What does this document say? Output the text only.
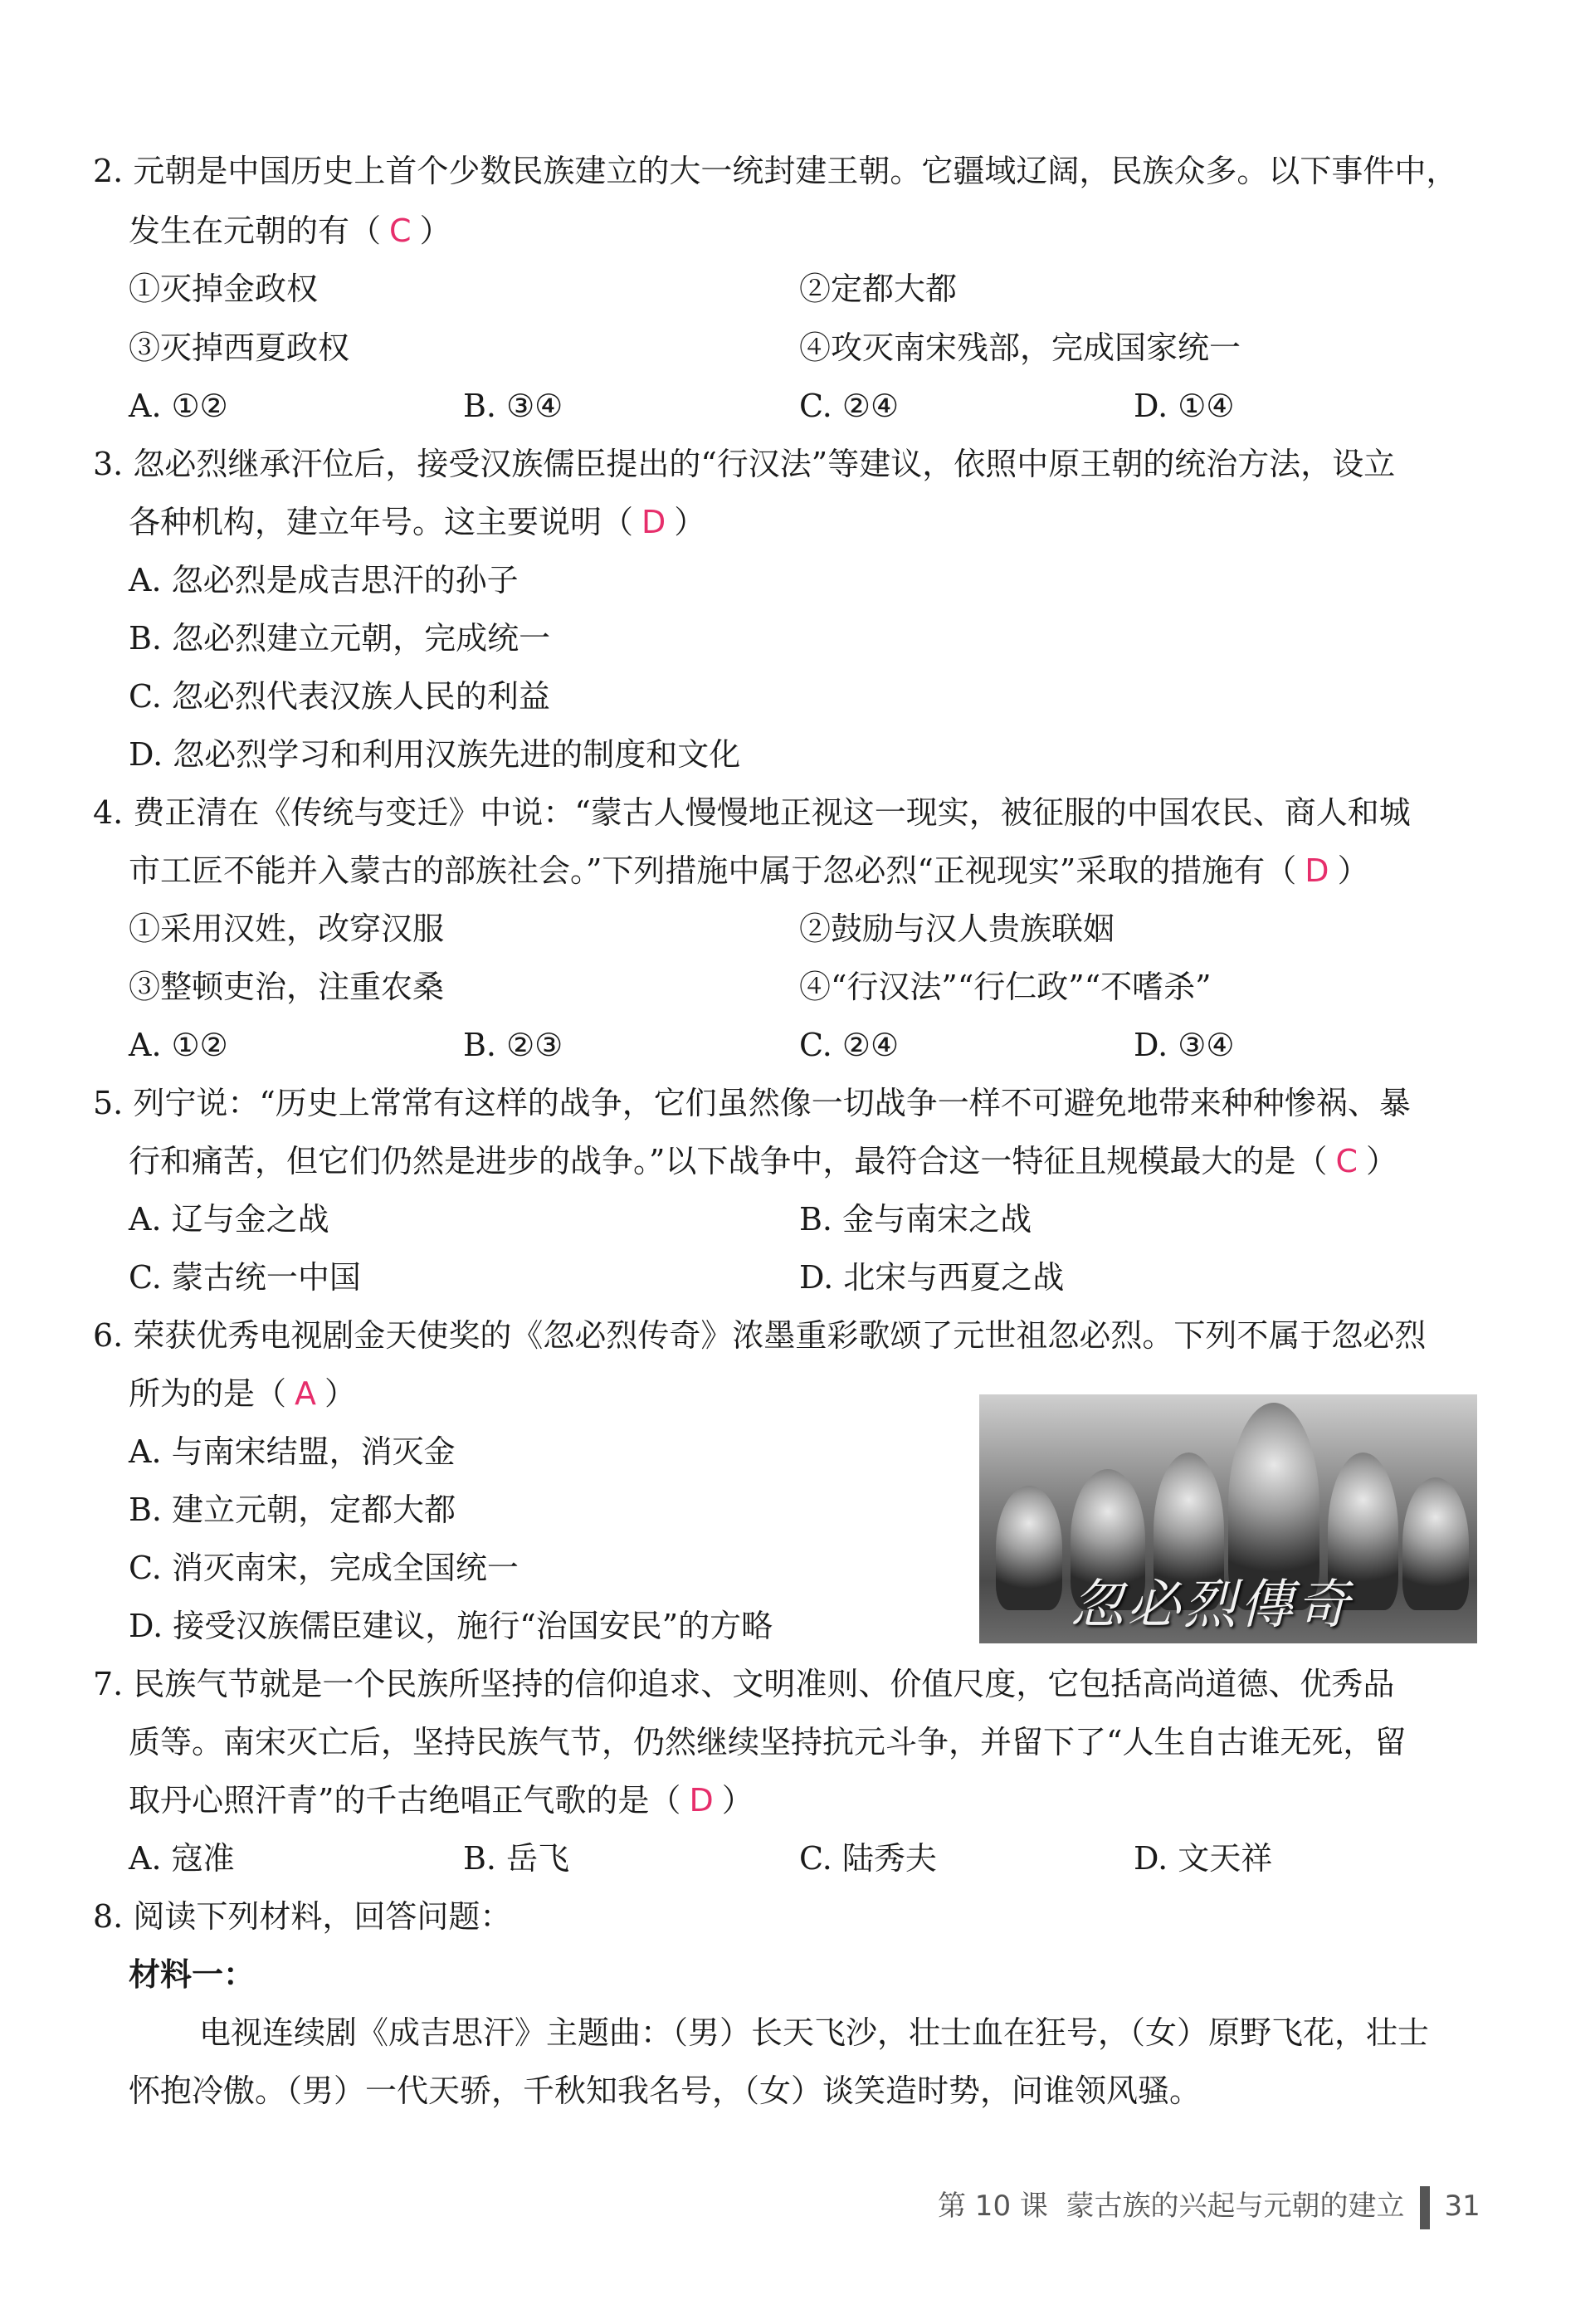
2. 元朝是中国历史上首个少数民族建立的大一统封建王朝。它疆域辽阔，民族众多。以下事件中，
发生在元朝的有（ C ）
①灭掉金政权	②定都大都
③灭掉西夏政权	④攻灭南宋残部，完成国家统一
A. ①②	B. ③④	C. ②④	D. ①④
3. 忽必烈继承汗位后，接受汉族儒臣提出的“行汉法”等建议，依照中原王朝的统治方法，设立
各种机构，建立年号。这主要说明（ D ）
A. 忽必烈是成吉思汗的孙子
B. 忽必烈建立元朝，完成统一
C. 忽必烈代表汉族人民的利益
D. 忽必烈学习和利用汉族先进的制度和文化
4. 费正清在《传统与变迁》中说：“蒙古人慢慢地正视这一现实，被征服的中国农民、商人和城
市工匠不能并入蒙古的部族社会。”下列措施中属于忽必烈“正视现实”采取的措施有（ D ）
①采用汉姓，改穿汉服	②鼓励与汉人贵族联姻
③整顿吏治，注重农桑	④“行汉法”“行仁政”“不嗜杀”
A. ①②	B. ②③	C. ②④	D. ③④
5. 列宁说：“历史上常常有这样的战争，它们虽然像一切战争一样不可避免地带来种种惨祸、暴
行和痛苦，但它们仍然是进步的战争。”以下战争中，最符合这一特征且规模最大的是（ C ）
A. 辽与金之战	B. 金与南宋之战
C. 蒙古统一中国	D. 北宋与西夏之战
6. 荣获优秀电视剧金天使奖的《忽必烈传奇》浓墨重彩歌颂了元世祖忽必烈。下列不属于忽必烈
所为的是（ A ）
A. 与南宋结盟，消灭金
B. 建立元朝，定都大都
C. 消灭南宋，完成全国统一
D. 接受汉族儒臣建议，施行“治国安民”的方略	忽必烈傳奇
7. 民族气节就是一个民族所坚持的信仰追求、文明准则、价值尺度，它包括高尚道德、优秀品
质等。南宋灭亡后，坚持民族气节，仍然继续坚持抗元斗争，并留下了“人生自古谁无死，留
取丹心照汗青”的千古绝唱正气歌的是（ D ）
A. 寇准	B. 岳飞	C. 陆秀夫	D. 文天祥
8. 阅读下列材料，回答问题：
材料一：
电视连续剧《成吉思汗》主题曲：（男）长天飞沙，壮士血在狂号，（女）原野飞花，壮士
怀抱冷傲。（男）一代天骄，千秋知我名号，（女）谈笑造时势，问谁领风骚。
第 10 课 蒙古族的兴起与元朝的建立 31
